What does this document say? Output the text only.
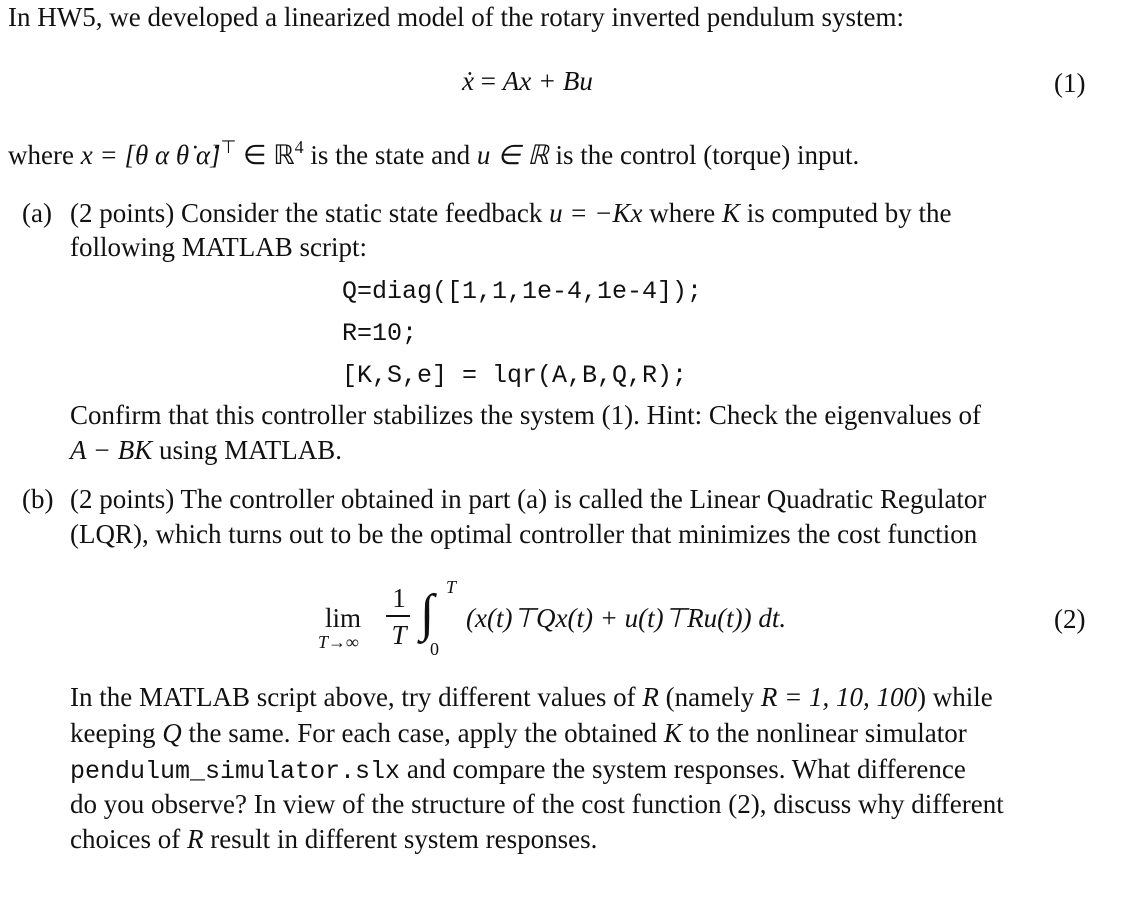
In HW5, we developed a linearized model of the rotary inverted pendulum system:
ẋ = Ax + Bu	(1)
where x = [θ α θ̇ α̇]⊤ ∈ ℝ$^4$ is the state and u ∈ ℝ is the control (torque) input.
(a) (2 points) Consider the static state feedback u = −Kx where K is computed by the
following MATLAB script:
Q=diag([1,1,1e-4,1e-4]);
R=10;
[K,S,e] = lqr(A,B,Q,R);
Confirm that this controller stabilizes the system (1). Hint: Check the eigenvalues of
A − BK using MATLAB.
(b) (2 points) The controller obtained in part (a) is called the Linear Quadratic Regulator
(LQR), which turns out to be the optimal controller that minimizes the cost function
lim
T→∞
1
T ∫ T
0
(x(t)⊤Qx(t) + u(t)⊤Ru(t)) dt.	(2)
In the MATLAB script above, try different values of R (namely R = 1, 10, 100) while
keeping Q the same. For each case, apply the obtained K to the nonlinear simulator
pendulum_simulator.slx and compare the system responses. What difference
do you observe? In view of the structure of the cost function (2), discuss why different
choices of R result in different system responses.
